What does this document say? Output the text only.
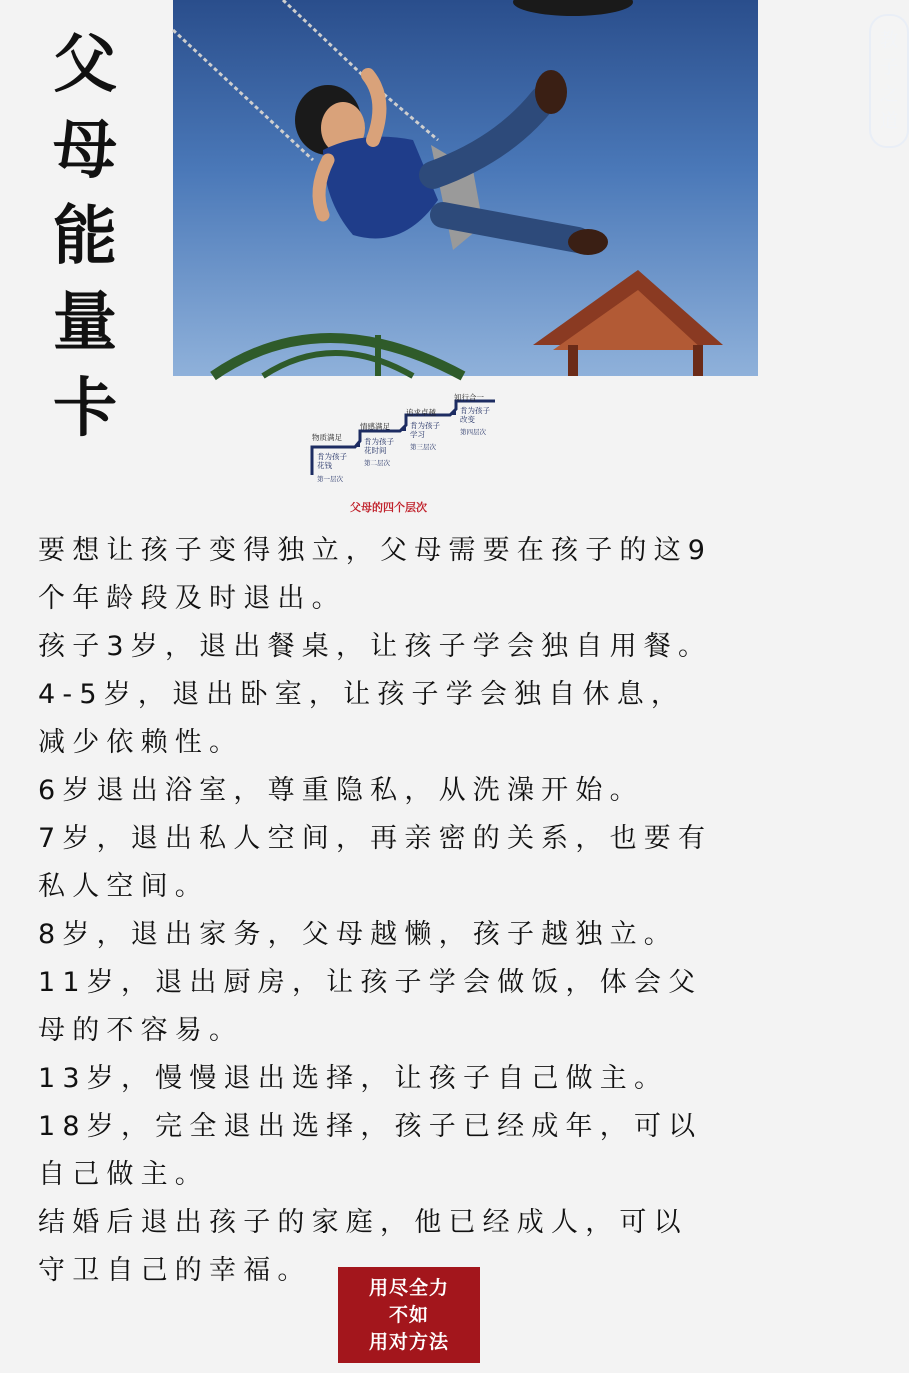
父
母
能
量
卡
教
子
之
道
物质满足
肯为孩子
花钱
第一层次
情感满足
肯为孩子
花时间
第二层次
追求卓越
肯为孩子
学习
第三层次
知行合一
肯为孩子
改变
第四层次
父母的四个层次

要想让孩子变得独立，父母需要在孩子的这9

个年龄段及时退出。

孩子3岁，退出餐桌，让孩子学会独自用餐。

4-5岁，退出卧室，让孩子学会独自休息，

减少依赖性。

6岁退出浴室，尊重隐私，从洗澡开始。

7岁，退出私人空间，再亲密的关系，也要有

私人空间。

8岁，退出家务，父母越懒，孩子越独立。

11岁，退出厨房，让孩子学会做饭，体会父

母的不容易。

13岁，慢慢退出选择，让孩子自己做主。

18岁，完全退出选择，孩子已经成年，可以

自己做主。

结婚后退出孩子的家庭，他已经成人，可以

守卫自己的幸福。

用尽全力
不如
用对方法
